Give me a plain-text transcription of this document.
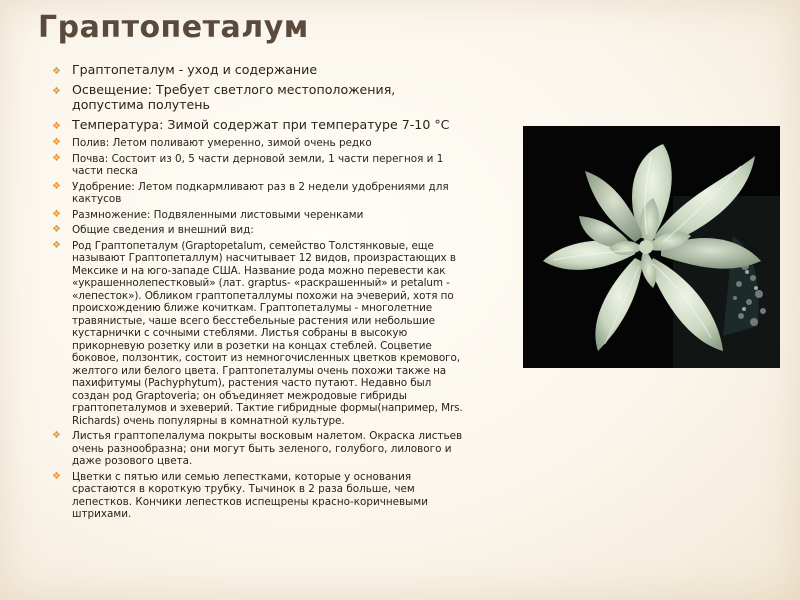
Граптопеталум
❖ Граптопеталум - уход и содержание
❖ Освещение: Требует светлого местоположения, допустима полутень
❖ Температура: Зимой содержат при температуре 7-10 °С
❖ Полив: Летом поливают умеренно, зимой очень редко
❖ Почва: Состоит из 0, 5 части дерновой земли, 1 части перегноя и 1 части песка
❖ Удобрение: Летом подкармливают раз в 2 недели удобрениями для кактусов
❖ Размножение: Подвяленными листовыми черенками
❖ Общие сведения и внешний вид:
❖ Род Граптопеталум (Graptopetalum, семейство Толстянковые, еще называют Граптопеталлум) насчитывает 12 видов, произрастающих в Мексике и на юго-западе США. Название рода можно перевести как «украшеннолепестковый» (лат. graptus- «раскрашенный» и petalum - «лепесток»). Обликом граптопеталлумы похожи на эчеверий, хотя по происхождению ближе кочиткам. Граптопеталумы - многолетние травянистые, чаше всего бесстебельные растения или небольшие кустарнички с сочными стеблями. Листья собраны в высокую прикорневую розетку или в розетки на концах стеблей. Соцветие боковое, ползонтик, состоит из немногочисленных цветков кремового, желтого или белого цвета. Граптопеталумы очень похожи также на пахифитумы (Pachyphytum), растения часто путают. Недавно был создан род Graptoveria; он объединяет межродовые гибриды граптопеталумов и эхеверий. Тактие гибридные формы(например, Mrs. Richards) очень популярны в комнатной культуре.
❖ Листья граптопелалума покрыты восковым налетом. Окраска листьев очень разнообразна; они могут быть зеленого, голубого, лилового и даже розового цвета.
❖ Цветки с пятью или семью лепестками, которые у основания срастаются в короткую трубку. Тычинок в 2 раза больше, чем лепестков. Кончики лепестков испещрены красно-коричневыми штрихами.
